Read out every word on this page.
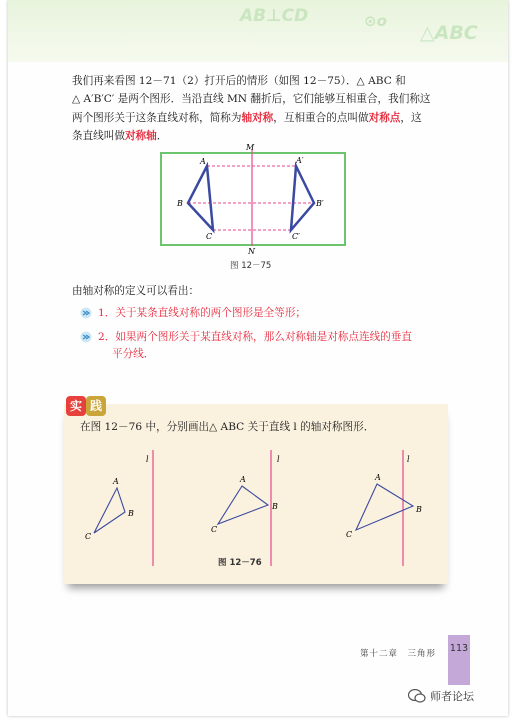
AB⊥CD	⊙o
△ABC
我们再来看图 12－71（2）打开后的情形（如图 12－75）．△ ABC 和
△ A′B′C′ 是两个图形．当沿直线 MN 翻折后，它们能够互相重合，我们称这
两个图形关于这条直线对称，简称为轴对称，互相重合的点叫做对称点，这
条直线叫做对称轴．
M
N
A
B
C
A′
B′
C′
图 12－75
由轴对称的定义可以看出：
1．关于某条直线对称的两个图形是全等形；
2．如果两个图形关于某直线对称，那么对称轴是对称点连线的垂直
平分线．
实 践
在图 12－76 中，分别画出△ ABC 关于直线 l 的轴对称图形．
l
A
B
C
l
A
B
C
l
A
B
C
图 12－76
第十二章　三角形 113
师者论坛
